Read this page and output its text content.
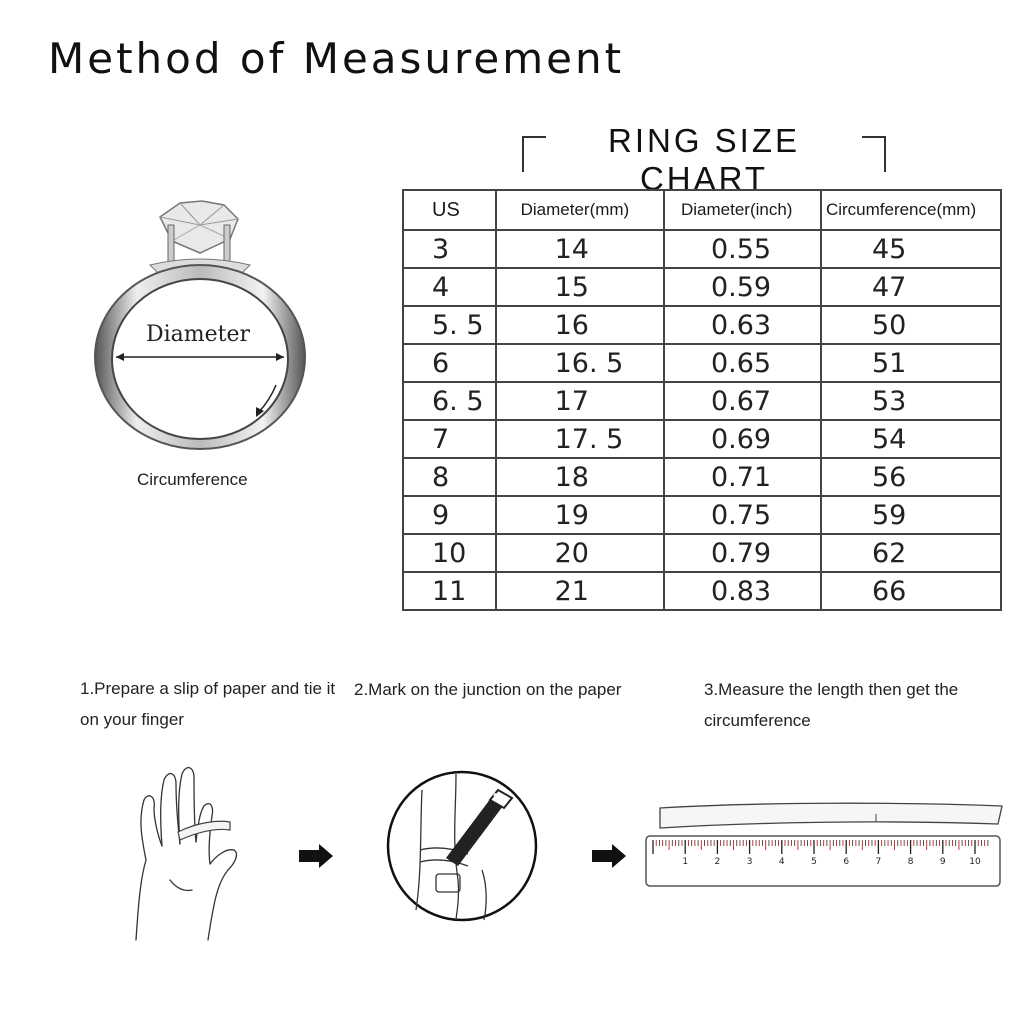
Method of Measurement
RING SIZE CHART
US	Diameter(mm)	Diameter(inch)	Circumference(mm)
3	14	0.55	45
4	15	0.59	47
5. 5	16	0.63	50
6	16. 5	0.65	51
6. 5	17	0.67	53
7	17. 5	0.69	54
8	18	0.71	56
9	19	0.75	59
10	20	0.79	62
11	21	0.83	66
Diameter
Circumference
1.Prepare a slip of paper and tie it on your finger
2.Mark on the junction on the paper	3.Measure the length then get the circumference
1	2	3	4	5	6	7	8	9	10
